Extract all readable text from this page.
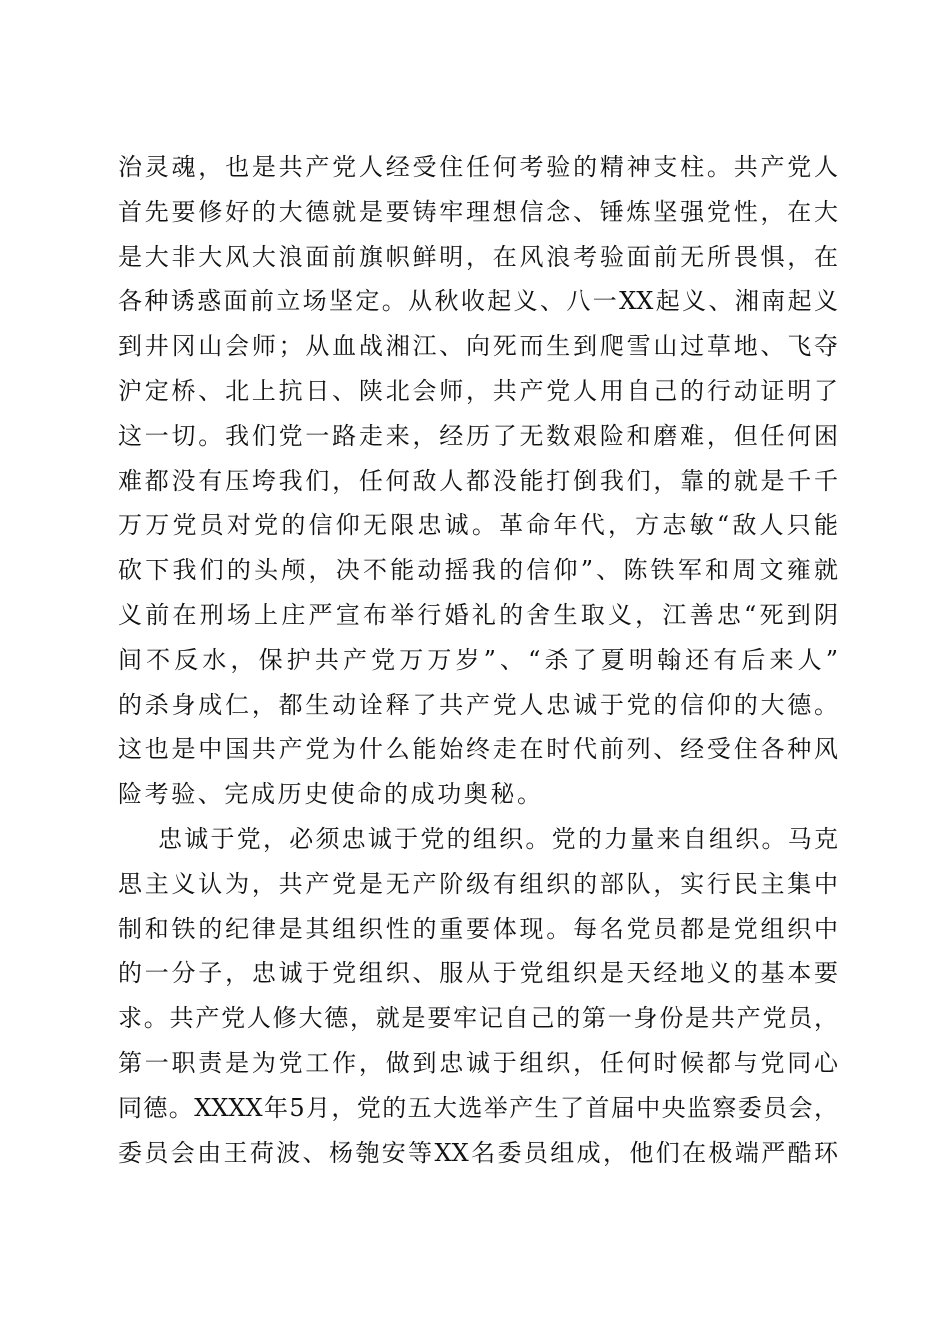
治灵魂，也是共产党人经受住任何考验的精神支柱。共产党人
首先要修好的大德就是要铸牢理想信念、锤炼坚强党性，在大
是大非大风大浪面前旗帜鲜明，在风浪考验面前无所畏惧，在
各种诱惑面前立场坚定。从秋收起义、八一XX起义、湘南起义
到井冈山会师；从血战湘江、向死而生到爬雪山过草地、飞夺
沪定桥、北上抗日、陕北会师，共产党人用自己的行动证明了
这一切。我们党一路走来，经历了无数艰险和磨难，但任何困
难都没有压垮我们，任何敌人都没能打倒我们，靠的就是千千
万万党员对党的信仰无限忠诚。革命年代，方志敏“敌人只能
砍下我们的头颅，决不能动摇我的信仰”、陈铁军和周文雍就
义前在刑场上庄严宣布举行婚礼的舍生取义，江善忠“死到阴
间不反水，保护共产党万万岁”、“杀了夏明翰还有后来人”
的杀身成仁，都生动诠释了共产党人忠诚于党的信仰的大德。
这也是中国共产党为什么能始终走在时代前列、经受住各种风
险考验、完成历史使命的成功奥秘。
忠诚于党，必须忠诚于党的组织。党的力量来自组织。马克
思主义认为，共产党是无产阶级有组织的部队，实行民主集中
制和铁的纪律是其组织性的重要体现。每名党员都是党组织中
的一分子，忠诚于党组织、服从于党组织是天经地义的基本要
求。共产党人修大德，就是要牢记自己的第一身份是共产党员，
第一职责是为党工作，做到忠诚于组织，任何时候都与党同心
同德。XXXX年5月，党的五大选举产生了首届中央监察委员会，
委员会由王荷波、杨匏安等XX名委员组成，他们在极端严酷环
